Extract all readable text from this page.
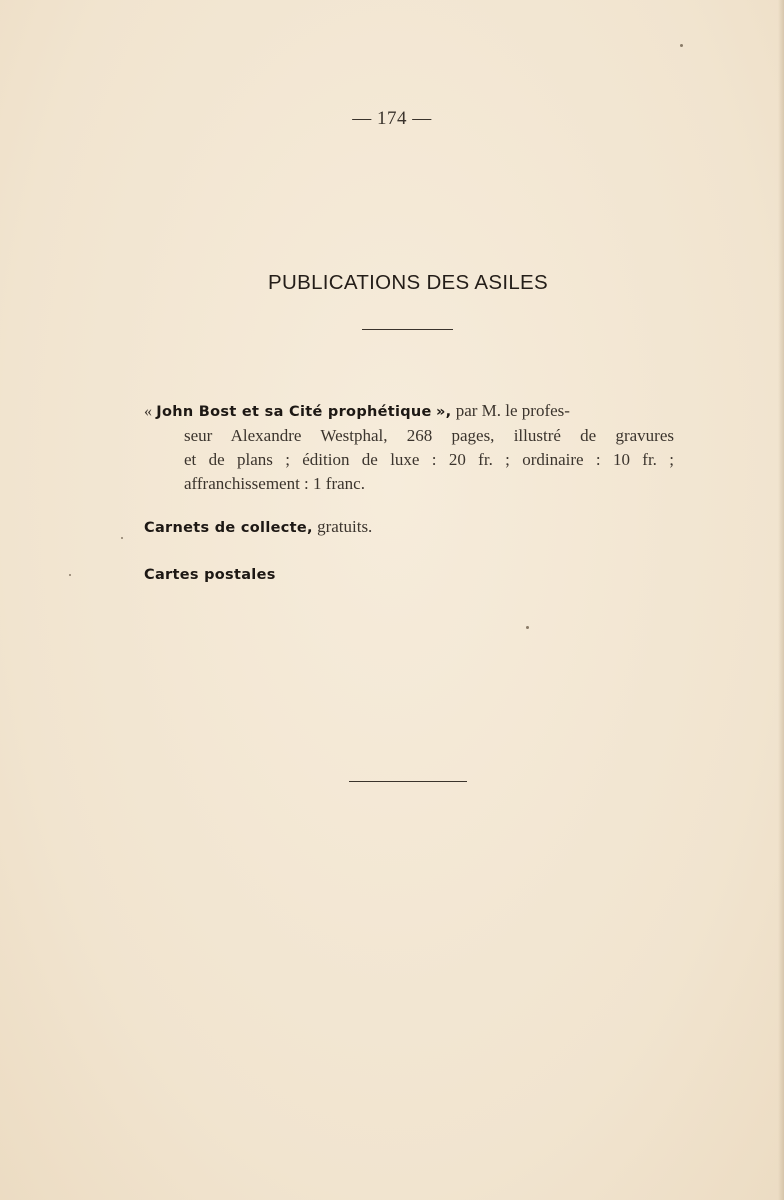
— 174 —
PUBLICATIONS DES ASILES
« John Bost et sa Cité prophétique », par M. le profes-
seur Alexandre Westphal, 268 pages, illustré de gravures
et de plans ; édition de luxe : 20 fr. ; ordinaire : 10 fr. ;
affranchissement : 1 franc.
Carnets de collecte, gratuits.
Cartes postales
